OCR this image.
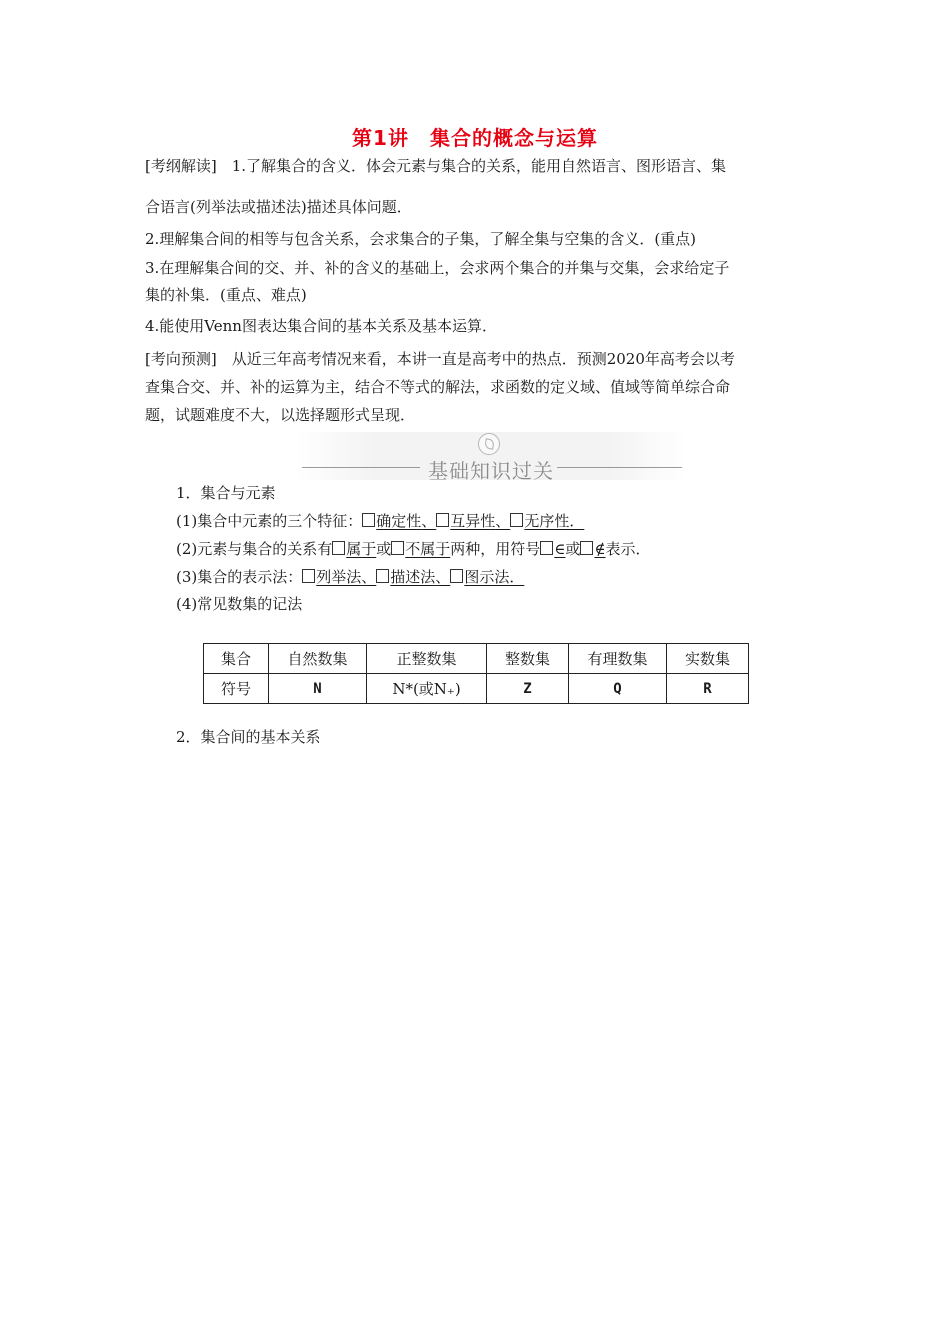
第1讲　集合的概念与运算
[考纲解读]　1.了解集合的含义．体会元素与集合的关系，能用自然语言、图形语言、集
合语言(列举法或描述法)描述具体问题．
2.理解集合间的相等与包含关系，会求集合的子集，了解全集与空集的含义．(重点)
3.在理解集合间的交、并、补的含义的基础上，会求两个集合的并集与交集，会求给定子
集的补集．(重点、难点)
4.能使用Venn图表达集合间的基本关系及基本运算．
[考向预测]　从近三年高考情况来看，本讲一直是高考中的热点．预测2020年高考会以考
查集合交、并、补的运算为主，结合不等式的解法，求函数的定义域、值域等简单综合命
题，试题难度不大，以选择题形式呈现．
基础知识过关
1．集合与元素
(1)集合中元素的三个特征： 确定性、 互异性、 无序性．
(2)元素与集合的关系有 属于或 不属于两种，用符号 ∈或 ∉表示．
(3)集合的表示法： 列举法、 描述法、 图示法．
(4)常见数集的记法
集合	自然数集	正整数集	整数集	有理数集	实数集
符号	N	N*(或N₊)	Z	Q	R
2．集合间的基本关系
